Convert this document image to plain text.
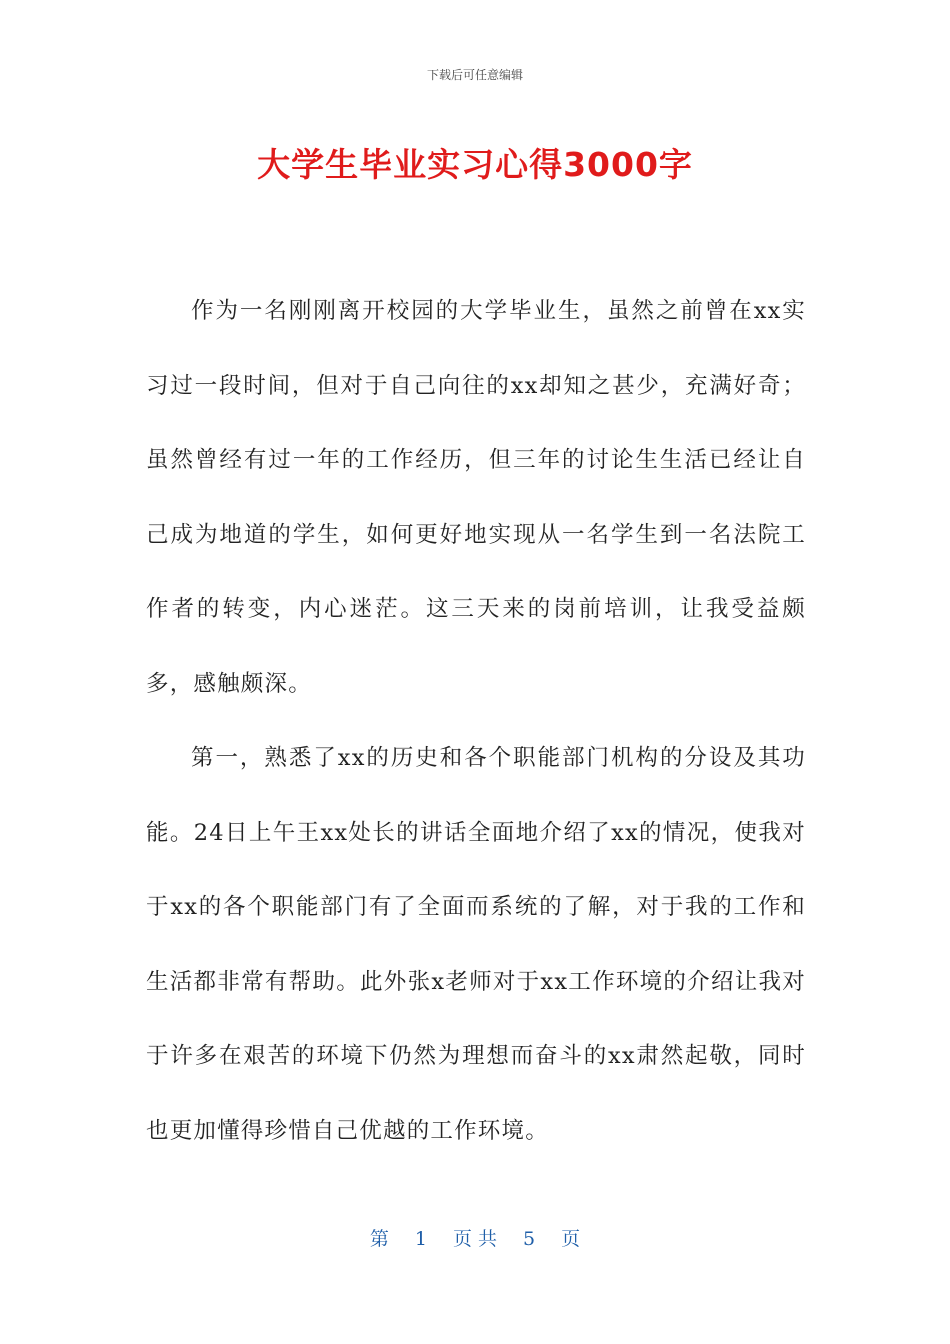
下载后可任意编辑
大学生毕业实习心得3000字

作为一名刚刚离开校园的大学毕业生，虽然之前曾在xx实习过一段时间，但对于自己向往的xx却知之甚少，充满好奇；虽然曾经有过一年的工作经历，但三年的讨论生生活已经让自己成为地道的学生，如何更好地实现从一名学生到一名法院工作者的转变，内心迷茫。这三天来的岗前培训，让我受益颇多，感触颇深。

第一，熟悉了xx的历史和各个职能部门机构的分设及其功能。24日上午王xx处长的讲话全面地介绍了xx的情况，使我对于xx的各个职能部门有了全面而系统的了解，对于我的工作和生活都非常有帮助。此外张x老师对于xx工作环境的介绍让我对于许多在艰苦的环境下仍然为理想而奋斗的xx肃然起敬，同时也更加懂得珍惜自己优越的工作环境。

第 1 页 共 5 页
